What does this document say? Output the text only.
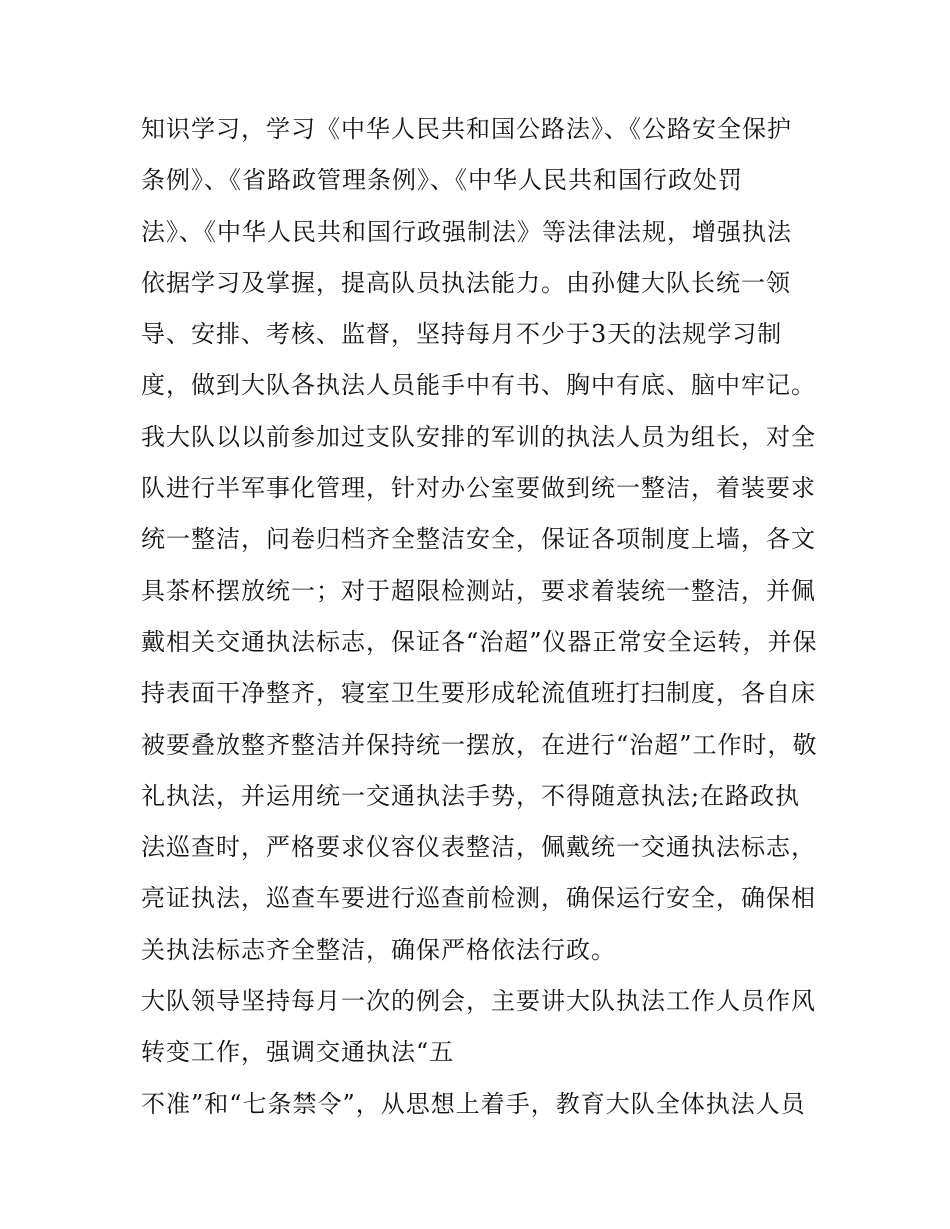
知识学习，学习《中华人民共和国公路法》、《公路安全保护
条例》、《省路政管理条例》、《中华人民共和国行政处罚
法》、《中华人民共和国行政强制法》等法律法规，增强执法
依据学习及掌握，提高队员执法能力。由孙健大队长统一领
导、安排、考核、监督，坚持每月不少于3天的法规学习制
度，做到大队各执法人员能手中有书、胸中有底、脑中牢记。
我大队以以前参加过支队安排的军训的执法人员为组长，对全
队进行半军事化管理，针对办公室要做到统一整洁，着装要求
统一整洁，问卷归档齐全整洁安全，保证各项制度上墙，各文
具茶杯摆放统一；对于超限检测站，要求着装统一整洁，并佩
戴相关交通执法标志，保证各“治超”仪器正常安全运转，并保
持表面干净整齐，寝室卫生要形成轮流值班打扫制度，各自床
被要叠放整齐整洁并保持统一摆放，在进行“治超”工作时，敬
礼执法，并运用统一交通执法手势，不得随意执法;在路政执
法巡查时，严格要求仪容仪表整洁，佩戴统一交通执法标志，
亮证执法，巡查车要进行巡查前检测，确保运行安全，确保相
关执法标志齐全整洁，确保严格依法行政。
大队领导坚持每月一次的例会，主要讲大队执法工作人员作风
转变工作，强调交通执法“五
不准”和“七条禁令”，从思想上着手，教育大队全体执法人员
